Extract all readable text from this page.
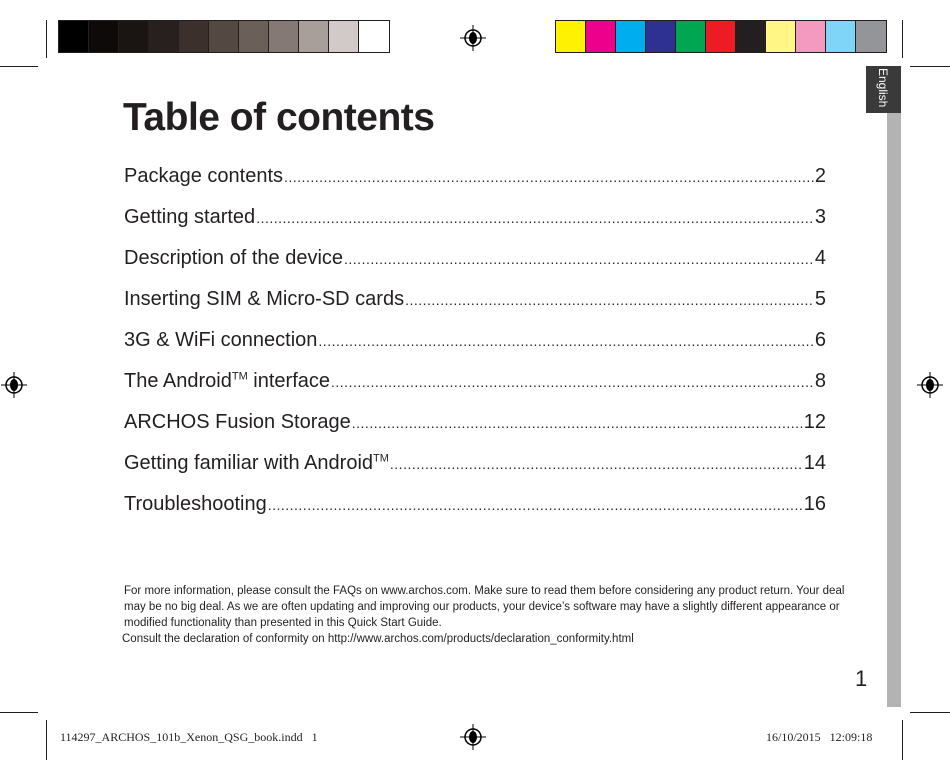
English
Table of contents
Package contents .....	2
Getting started .....	3
Description of the device .....	4
Inserting SIM & Micro-SD cards .....	5
3G & WiFi connection .....	6
The Android™ interface .....	8
ARCHOS Fusion Storage .....	12
Getting familiar with Android™ .....	14
Troubleshooting .....	16
For more information, please consult the FAQs on www.archos.com. Make sure to read them before considering any product return. Your deal may be no big deal. As we are often updating and improving our products, your device’s software may have a slightly different appearance or modified functionality than presented in this Quick Start Guide.
Consult the declaration of conformity on http://www.archos.com/products/declaration_conformity.html
1
114297_ARCHOS_101b_Xenon_QSG_book.indd   1	16/10/2015   12:09:18
